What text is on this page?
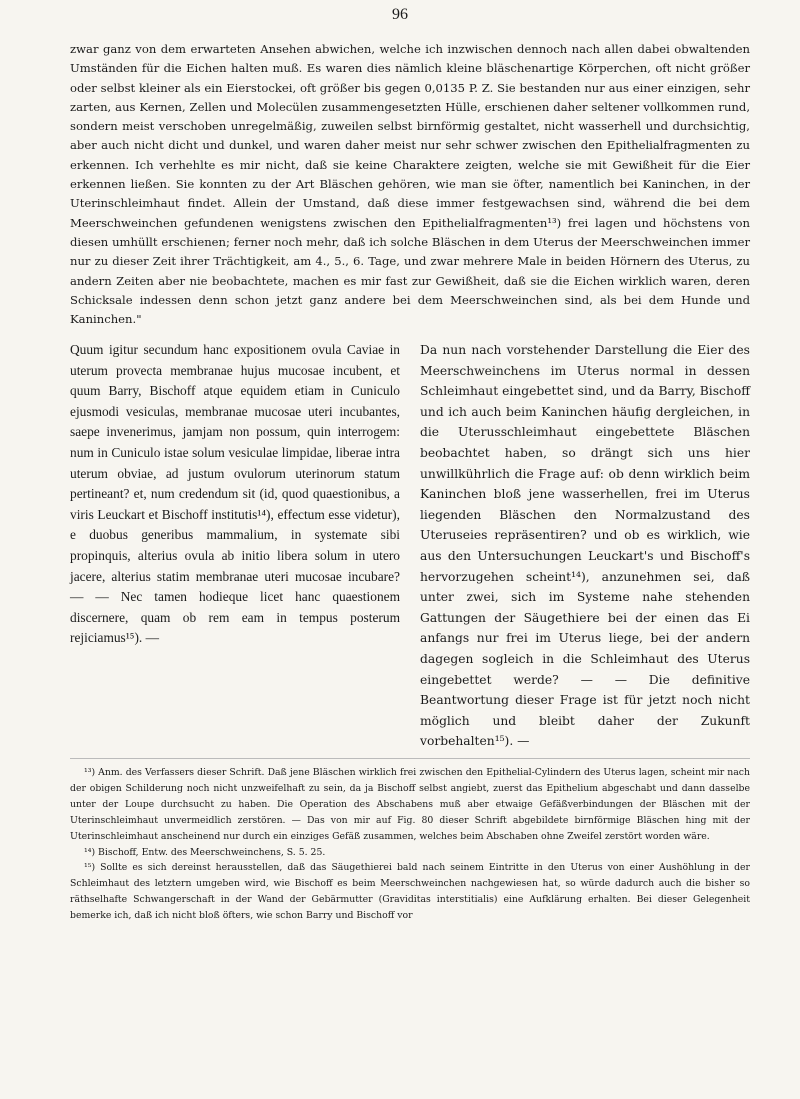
96

zwar ganz von dem erwarteten Ansehen abwichen, welche ich inzwischen dennoch nach allen dabei obwaltenden Umständen für die Eichen halten muß. Es waren dies nämlich kleine bläschenartige Körperchen, oft nicht größer oder selbst kleiner als ein Eierstockei, oft größer bis gegen 0,0135 P. Z. Sie bestanden nur aus einer einzigen, sehr zarten, aus Kernen, Zellen und Molecülen zusammengesetzten Hülle, erschienen daher seltener vollkommen rund, sondern meist verschoben unregelmäßig, zuweilen selbst birnförmig gestaltet, nicht wasserhell und durchsichtig, aber auch nicht dicht und dunkel, und waren daher meist nur sehr schwer zwischen den Epithelialfragmenten zu erkennen. Ich verhehlte es mir nicht, daß sie keine Charaktere zeigten, welche sie mit Gewißheit für die Eier erkennen ließen. Sie konnten zu der Art Bläschen gehören, wie man sie öfter, namentlich bei Kaninchen, in der Uterinschleimhaut findet. Allein der Umstand, daß diese immer festgewachsen sind, während die bei dem Meerschweinchen gefundenen wenigstens zwischen den Epithelialfragmenten¹³) frei lagen und höchstens von diesen umhüllt erschienen; ferner noch mehr, daß ich solche Bläschen in dem Uterus der Meerschweinchen immer nur zu dieser Zeit ihrer Trächtigkeit, am 4., 5., 6. Tage, und zwar mehrere Male in beiden Hörnern des Uterus, zu andern Zeiten aber nie beobachtete, machen es mir fast zur Gewißheit, daß sie die Eichen wirklich waren, deren Schicksale indessen denn schon jetzt ganz andere bei dem Meerschweinchen sind, als bei dem Hunde und Kaninchen."

Quum igitur secundum hanc expositionem ovula Caviae in uterum provecta membranae hujus mucosae incubent, et quum Barry, Bischoff atque equidem etiam in Cuniculo ejusmodi vesiculas, membranae mucosae uteri incubantes, saepe invenerimus, jamjam non possum, quin interrogem: num in Cuniculo istae solum vesiculae limpidae, liberae intra uterum obviae, ad justum ovulorum uterinorum statum pertineant? et, num credendum sit (id, quod quaestionibus, a viris Leuckart et Bischoff institutis¹⁴), effectum esse videtur), e duobus generibus mammalium, in systemate sibi propinquis, alterius ovula ab initio libera solum in utero jacere, alterius statim membranae uteri mucosae incubare? — — Nec tamen hodieque licet hanc quaestionem discernere, quam ob rem eam in tempus posterum rejiciamus¹⁵). —

Da nun nach vorstehender Darstellung die Eier des Meerschweinchens im Uterus normal in dessen Schleimhaut eingebettet sind, und da Barry, Bischoff und ich auch beim Kaninchen häufig dergleichen, in die Uterusschleimhaut eingebettete Bläschen beobachtet haben, so drängt sich uns hier unwillkührlich die Frage auf: ob denn wirklich beim Kaninchen bloß jene wasserhellen, frei im Uterus liegenden Bläschen den Normalzustand des Uteruseies repräsentiren? und ob es wirklich, wie aus den Untersuchungen Leuckart's und Bischoff's hervorzugehen scheint¹⁴), anzunehmen sei, daß unter zwei, sich im Systeme nahe stehenden Gattungen der Säugethiere bei der einen das Ei anfangs nur frei im Uterus liege, bei der andern dagegen sogleich in die Schleimhaut des Uterus eingebettet werde? — — Die definitive Beantwortung dieser Frage ist für jetzt noch nicht möglich und bleibt daher der Zukunft vorbehalten¹⁵). —

¹³) Anm. des Verfassers dieser Schrift. Daß jene Bläschen wirklich frei zwischen den Epithelial-Cylindern des Uterus lagen, scheint mir nach der obigen Schilderung noch nicht unzweifelhaft zu sein, da ja Bischoff selbst angiebt, zuerst das Epithelium abgeschabt und dann dasselbe unter der Loupe durchsucht zu haben. Die Operation des Abschabens muß aber etwaige Gefäßverbindungen der Bläschen mit der Uterinschleimhaut unvermeidlich zerstören. — Das von mir auf Fig. 80 dieser Schrift abgebildete birnförmige Bläschen hing mit der Uterinschleimhaut anscheinend nur durch ein einziges Gefäß zusammen, welches beim Abschaben ohne Zweifel zerstört worden wäre.

¹⁴) Bischoff, Entw. des Meerschweinchens, S. 5. 25.

¹⁵) Sollte es sich dereinst herausstellen, daß das Säugethierei bald nach seinem Eintritte in den Uterus von einer Aushöhlung in der Schleimhaut des letztern umgeben wird, wie Bischoff es beim Meerschweinchen nachgewiesen hat, so würde dadurch auch die bisher so räthselhafte Schwangerschaft in der Wand der Gebärmutter (Graviditas interstitialis) eine Aufklärung erhalten. Bei dieser Gelegenheit bemerke ich, daß ich nicht bloß öfters, wie schon Barry und Bischoff vor
